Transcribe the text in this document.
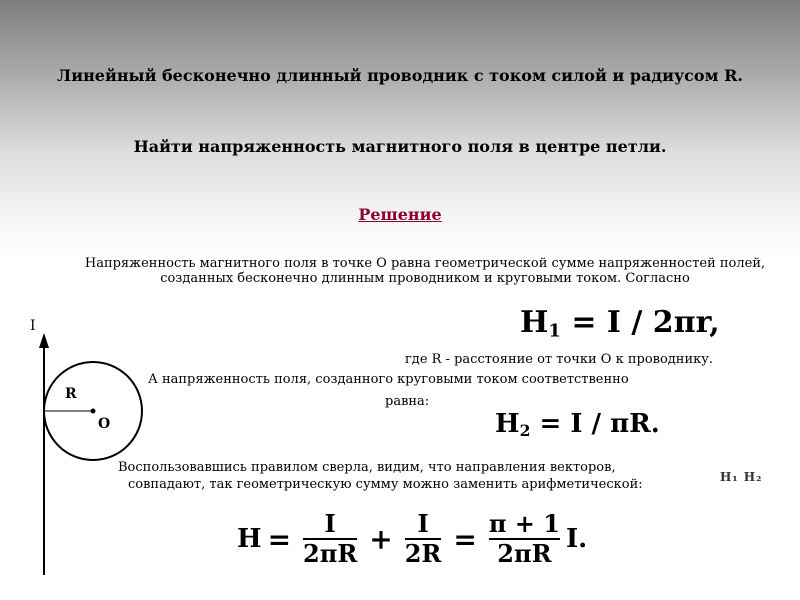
Линейный бесконечно длинный проводник с током силой и радиусом R.
Найти напряженность магнитного поля в центре петли.
Решение
Напряженность магнитного поля в точке О равна геометрической сумме напряженностей полей, созданных бесконечно длинным проводником и круговыми током. Согласно
$H_1 = I / 2\pi r$,
где R - расстояние от точки О к проводнику.
А напряженность поля, созданного круговыми током соответственно
равна:
$H_2 = I / \pi R$.
Воспользовавшись правилом сверла, видим, что направления векторов,
совпадают, так геометрическую сумму можно заменить арифметической:	H₁ H₂
$H = \frac{I}{2\pi R} + \frac{I}{2R} = \frac{\pi + 1}{2\pi R} I$.
I
R
O
